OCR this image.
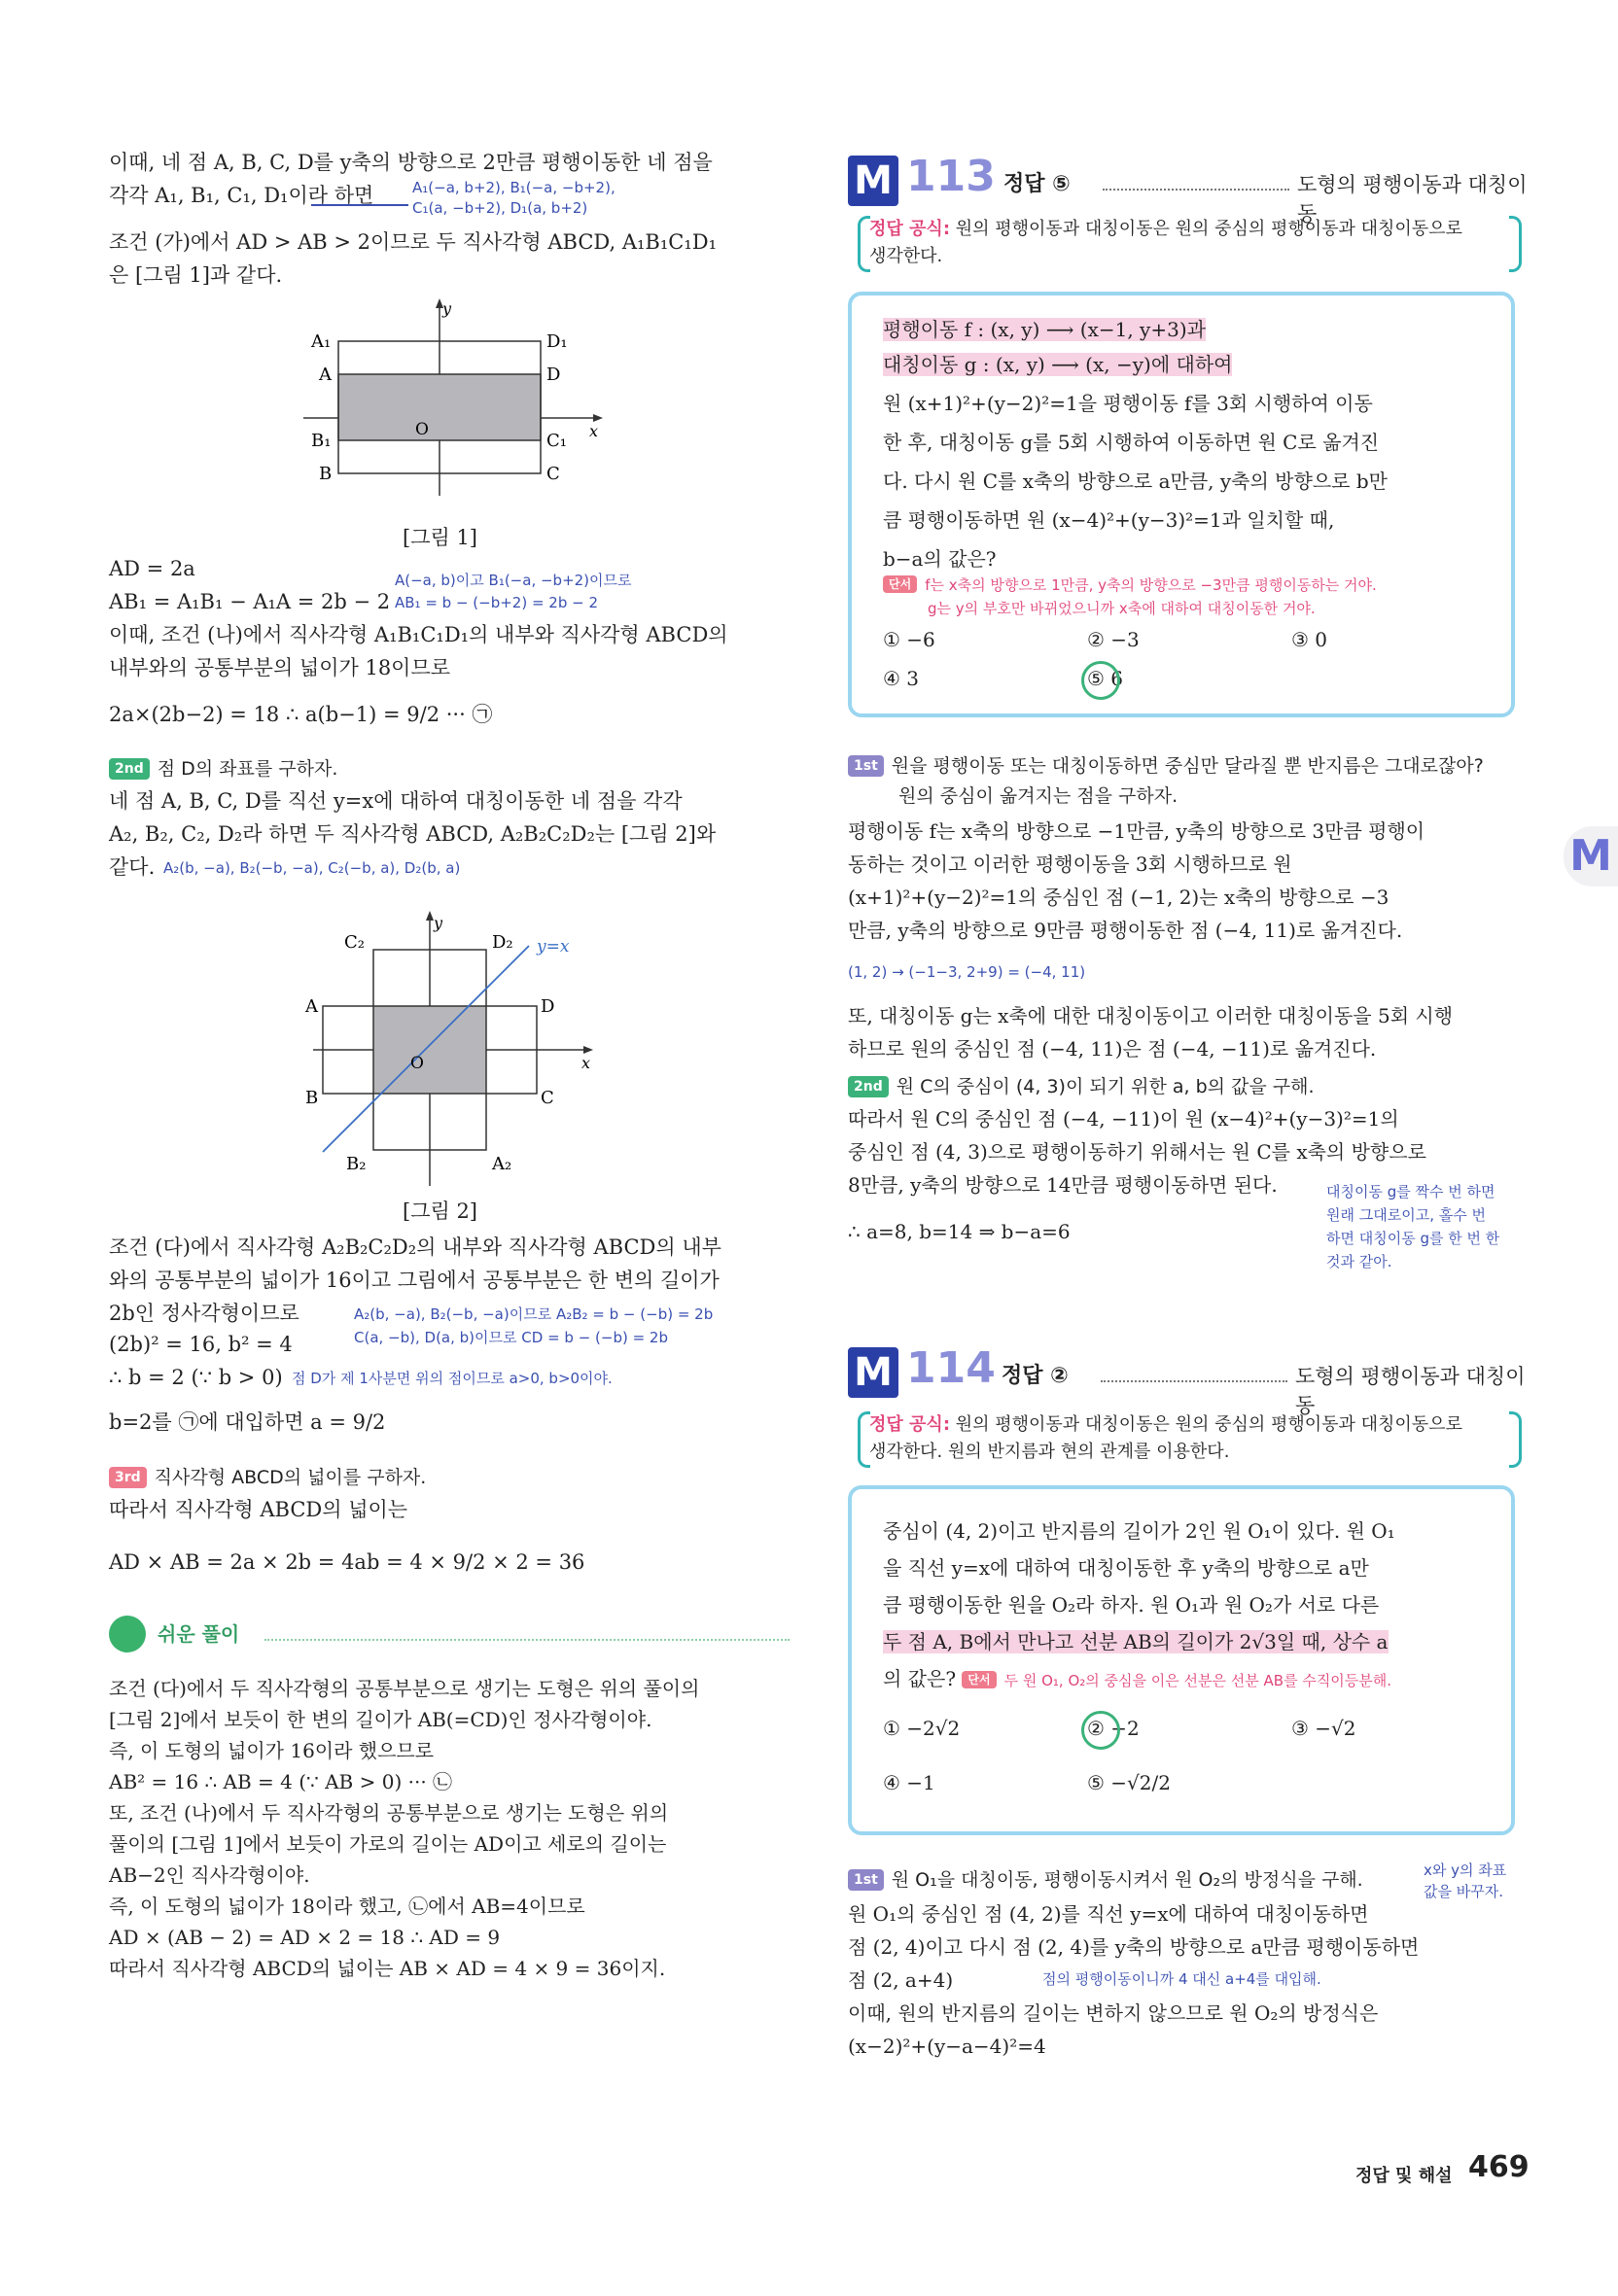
이때, 네 점 A, B, C, D를 y축의 방향으로 2만큼 평행이동한 네 점을
각각 A₁, B₁, C₁, D₁이라 하면	A₁(−a, b+2), B₁(−a, −b+2),
C₁(a, −b+2), D₁(a, b+2)
조건 (가)에서 AD > AB > 2이므로 두 직사각형 ABCD, A₁B₁C₁D₁
은 [그림 1]과 같다.
y
x
O
A₁
A
B₁
B
D₁
D
C₁
C
[그림 1]
AD = 2a	A(−a, b)이고 B₁(−a, −b+2)이므로
AB₁ = A₁B₁ − A₁A = 2b − 2 AB₁ = b − (−b+2) = 2b − 2
이때, 조건 (나)에서 직사각형 A₁B₁C₁D₁의 내부와 직사각형 ABCD의
내부와의 공통부분의 넓이가 18이므로
2a×(2b−2) = 18 ∴ a(b−1) = 9/2 ··· ㉠
2nd 점 D의 좌표를 구하자.
네 점 A, B, C, D를 직선 y=x에 대하여 대칭이동한 네 점을 각각
A₂, B₂, C₂, D₂라 하면 두 직사각형 ABCD, A₂B₂C₂D₂는 [그림 2]와
같다. A₂(b, −a), B₂(−b, −a), C₂(−b, a), D₂(b, a)
y
x
O
C₂	D₂ y=x
A	D
B	C
B₂	A₂
[그림 2]
조건 (다)에서 직사각형 A₂B₂C₂D₂의 내부와 직사각형 ABCD의 내부
와의 공통부분의 넓이가 16이고 그림에서 공통부분은 한 변의 길이가
2b인 정사각형이므로	A₂(b, −a), B₂(−b, −a)이므로 A₂B₂ = b − (−b) = 2b
(2b)² = 16, b² = 4	C(a, −b), D(a, b)이므로 CD = b − (−b) = 2b
∴ b = 2 (∵ b > 0) 점 D가 제 1사분면 위의 점이므로 a>0, b>0이야.
b=2를 ㉠에 대입하면 a = 9/2
3rd 직사각형 ABCD의 넓이를 구하자.
따라서 직사각형 ABCD의 넓이는
AD × AB = 2a × 2b = 4ab = 4 × 9/2 × 2 = 36
쉬운 풀이
조건 (다)에서 두 직사각형의 공통부분으로 생기는 도형은 위의 풀이의
[그림 2]에서 보듯이 한 변의 길이가 AB(=CD)인 정사각형이야.
즉, 이 도형의 넓이가 16이라 했으므로
AB² = 16 ∴ AB = 4 (∵ AB > 0) ··· ㉡
또, 조건 (나)에서 두 직사각형의 공통부분으로 생기는 도형은 위의
풀이의 [그림 1]에서 보듯이 가로의 길이는 AD이고 세로의 길이는
AB−2인 직사각형이야.
즉, 이 도형의 넓이가 18이라 했고, ㉡에서 AB=4이므로
AD × (AB − 2) = AD × 2 = 18 ∴ AD = 9
따라서 직사각형 ABCD의 넓이는 AB × AD = 4 × 9 = 36이지.
M 113 정답 ⑤	도형의 평행이동과 대칭이동
정답 공식: 원의 평행이동과 대칭이동은 원의 중심의 평행이동과 대칭이동으로
생각한다.
평행이동 f : (x, y) ⟶ (x−1, y+3)과
대칭이동 g : (x, y) ⟶ (x, −y)에 대하여
원 (x+1)²+(y−2)²=1을 평행이동 f를 3회 시행하여 이동
한 후, 대칭이동 g를 5회 시행하여 이동하면 원 C로 옮겨진
다. 다시 원 C를 x축의 방향으로 a만큼, y축의 방향으로 b만
큼 평행이동하면 원 (x−4)²+(y−3)²=1과 일치할 때,
b−a의 값은?
단서 f는 x축의 방향으로 1만큼, y축의 방향으로 −3만큼 평행이동하는 거야.
g는 y의 부호만 바뀌었으니까 x축에 대하여 대칭이동한 거야.
① −6	② −3	③ 0
④ 3	⑤ 6
1st 원을 평행이동 또는 대칭이동하면 중심만 달라질 뿐 반지름은 그대로잖아?
원의 중심이 옮겨지는 점을 구하자.
평행이동 f는 x축의 방향으로 −1만큼, y축의 방향으로 3만큼 평행이
동하는 것이고 이러한 평행이동을 3회 시행하므로 원
(x+1)²+(y−2)²=1의 중심인 점 (−1, 2)는 x축의 방향으로 −3
만큼, y축의 방향으로 9만큼 평행이동한 점 (−4, 11)로 옮겨진다.
(1, 2) → (−1−3, 2+9) = (−4, 11)
또, 대칭이동 g는 x축에 대한 대칭이동이고 이러한 대칭이동을 5회 시행
하므로 원의 중심인 점 (−4, 11)은 점 (−4, −11)로 옮겨진다.
2nd 원 C의 중심이 (4, 3)이 되기 위한 a, b의 값을 구해.
따라서 원 C의 중심인 점 (−4, −11)이 원 (x−4)²+(y−3)²=1의
중심인 점 (4, 3)으로 평행이동하기 위해서는 원 C를 x축의 방향으로
8만큼, y축의 방향으로 14만큼 평행이동하면 된다.
∴ a=8, b=14 ⇒ b−a=6
대칭이동 g를 짝수 번 하면
원래 그대로이고, 홀수 번
하면 대칭이동 g를 한 번 한
것과 같아.
M 114 정답 ②	도형의 평행이동과 대칭이동
정답 공식: 원의 평행이동과 대칭이동은 원의 중심의 평행이동과 대칭이동으로
생각한다. 원의 반지름과 현의 관계를 이용한다.
중심이 (4, 2)이고 반지름의 길이가 2인 원 O₁이 있다. 원 O₁
을 직선 y=x에 대하여 대칭이동한 후 y축의 방향으로 a만
큼 평행이동한 원을 O₂라 하자. 원 O₁과 원 O₂가 서로 다른
두 점 A, B에서 만나고 선분 AB의 길이가 2√3일 때, 상수 a
의 값은? 단서 두 원 O₁, O₂의 중심을 이은 선분은 선분 AB를 수직이등분해.
① −2√2	② −2	③ −√2
④ −1	⑤ −√2/2
1st 원 O₁을 대칭이동, 평행이동시켜서 원 O₂의 방정식을 구해.	x와 y의 좌표
값을 바꾸자.
원 O₁의 중심인 점 (4, 2)를 직선 y=x에 대하여 대칭이동하면
점 (2, 4)이고 다시 점 (2, 4)를 y축의 방향으로 a만큼 평행이동하면
점 (2, a+4)	점의 평행이동이니까 4 대신 a+4를 대입해.
이때, 원의 반지름의 길이는 변하지 않으므로 원 O₂의 방정식은
(x−2)²+(y−a−4)²=4
M
정답 및 해설 469
